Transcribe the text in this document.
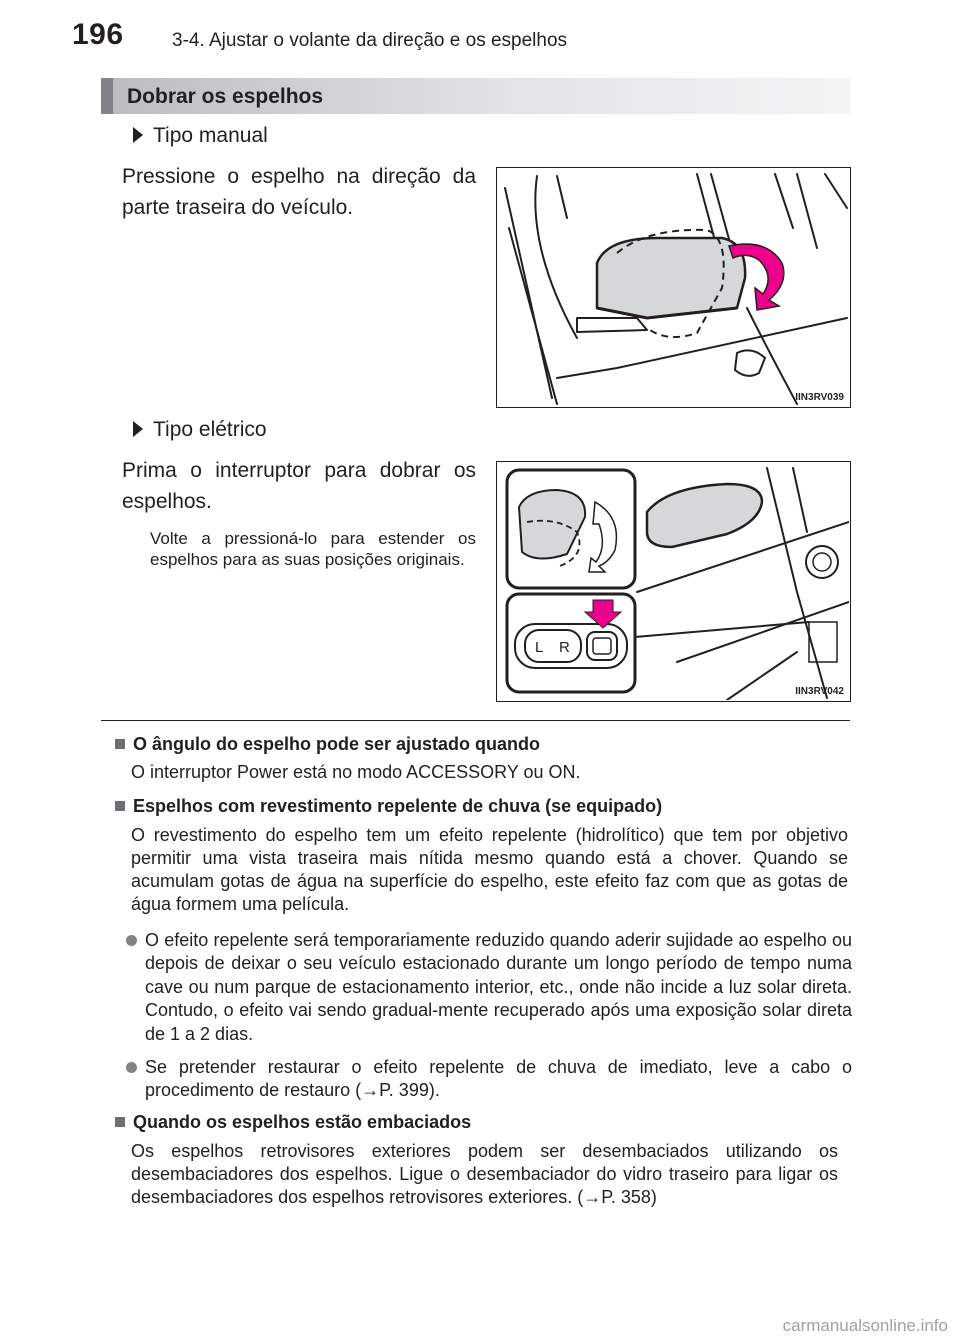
196	3-4. Ajustar o volante da direção e os espelhos
Dobrar os espelhos
Tipo manual
Pressione o espelho na direção da parte traseira do veículo.
IIN3RV039
Tipo elétrico
Prima o interruptor para dobrar os espelhos.
Volte a pressioná-lo para estender os espelhos para as suas posições originais.
L R
IIN3RV042
O ângulo do espelho pode ser ajustado quando
O interruptor Power está no modo ACCESSORY ou ON.
Espelhos com revestimento repelente de chuva (se equipado)
O revestimento do espelho tem um efeito repelente (hidrolítico) que tem por objetivo permitir uma vista traseira mais nítida mesmo quando está a chover. Quando se acumulam gotas de água na superfície do espelho, este efeito faz com que as gotas de água formem uma película.
O efeito repelente será temporariamente reduzido quando aderir sujidade ao espelho ou depois de deixar o seu veículo estacionado durante um longo período de tempo numa cave ou num parque de estacionamento interior, etc., onde não incide a luz solar direta. Contudo, o efeito vai sendo gradual-mente recuperado após uma exposição solar direta de 1 a 2 dias.
Se pretender restaurar o efeito repelente de chuva de imediato, leve a cabo o procedimento de restauro (→P. 399).
Quando os espelhos estão embaciados
Os espelhos retrovisores exteriores podem ser desembaciados utilizando os desembaciadores dos espelhos. Ligue o desembaciador do vidro traseiro para ligar os desembaciadores dos espelhos retrovisores exteriores. (→P. 358)
carmanualsonline.info
